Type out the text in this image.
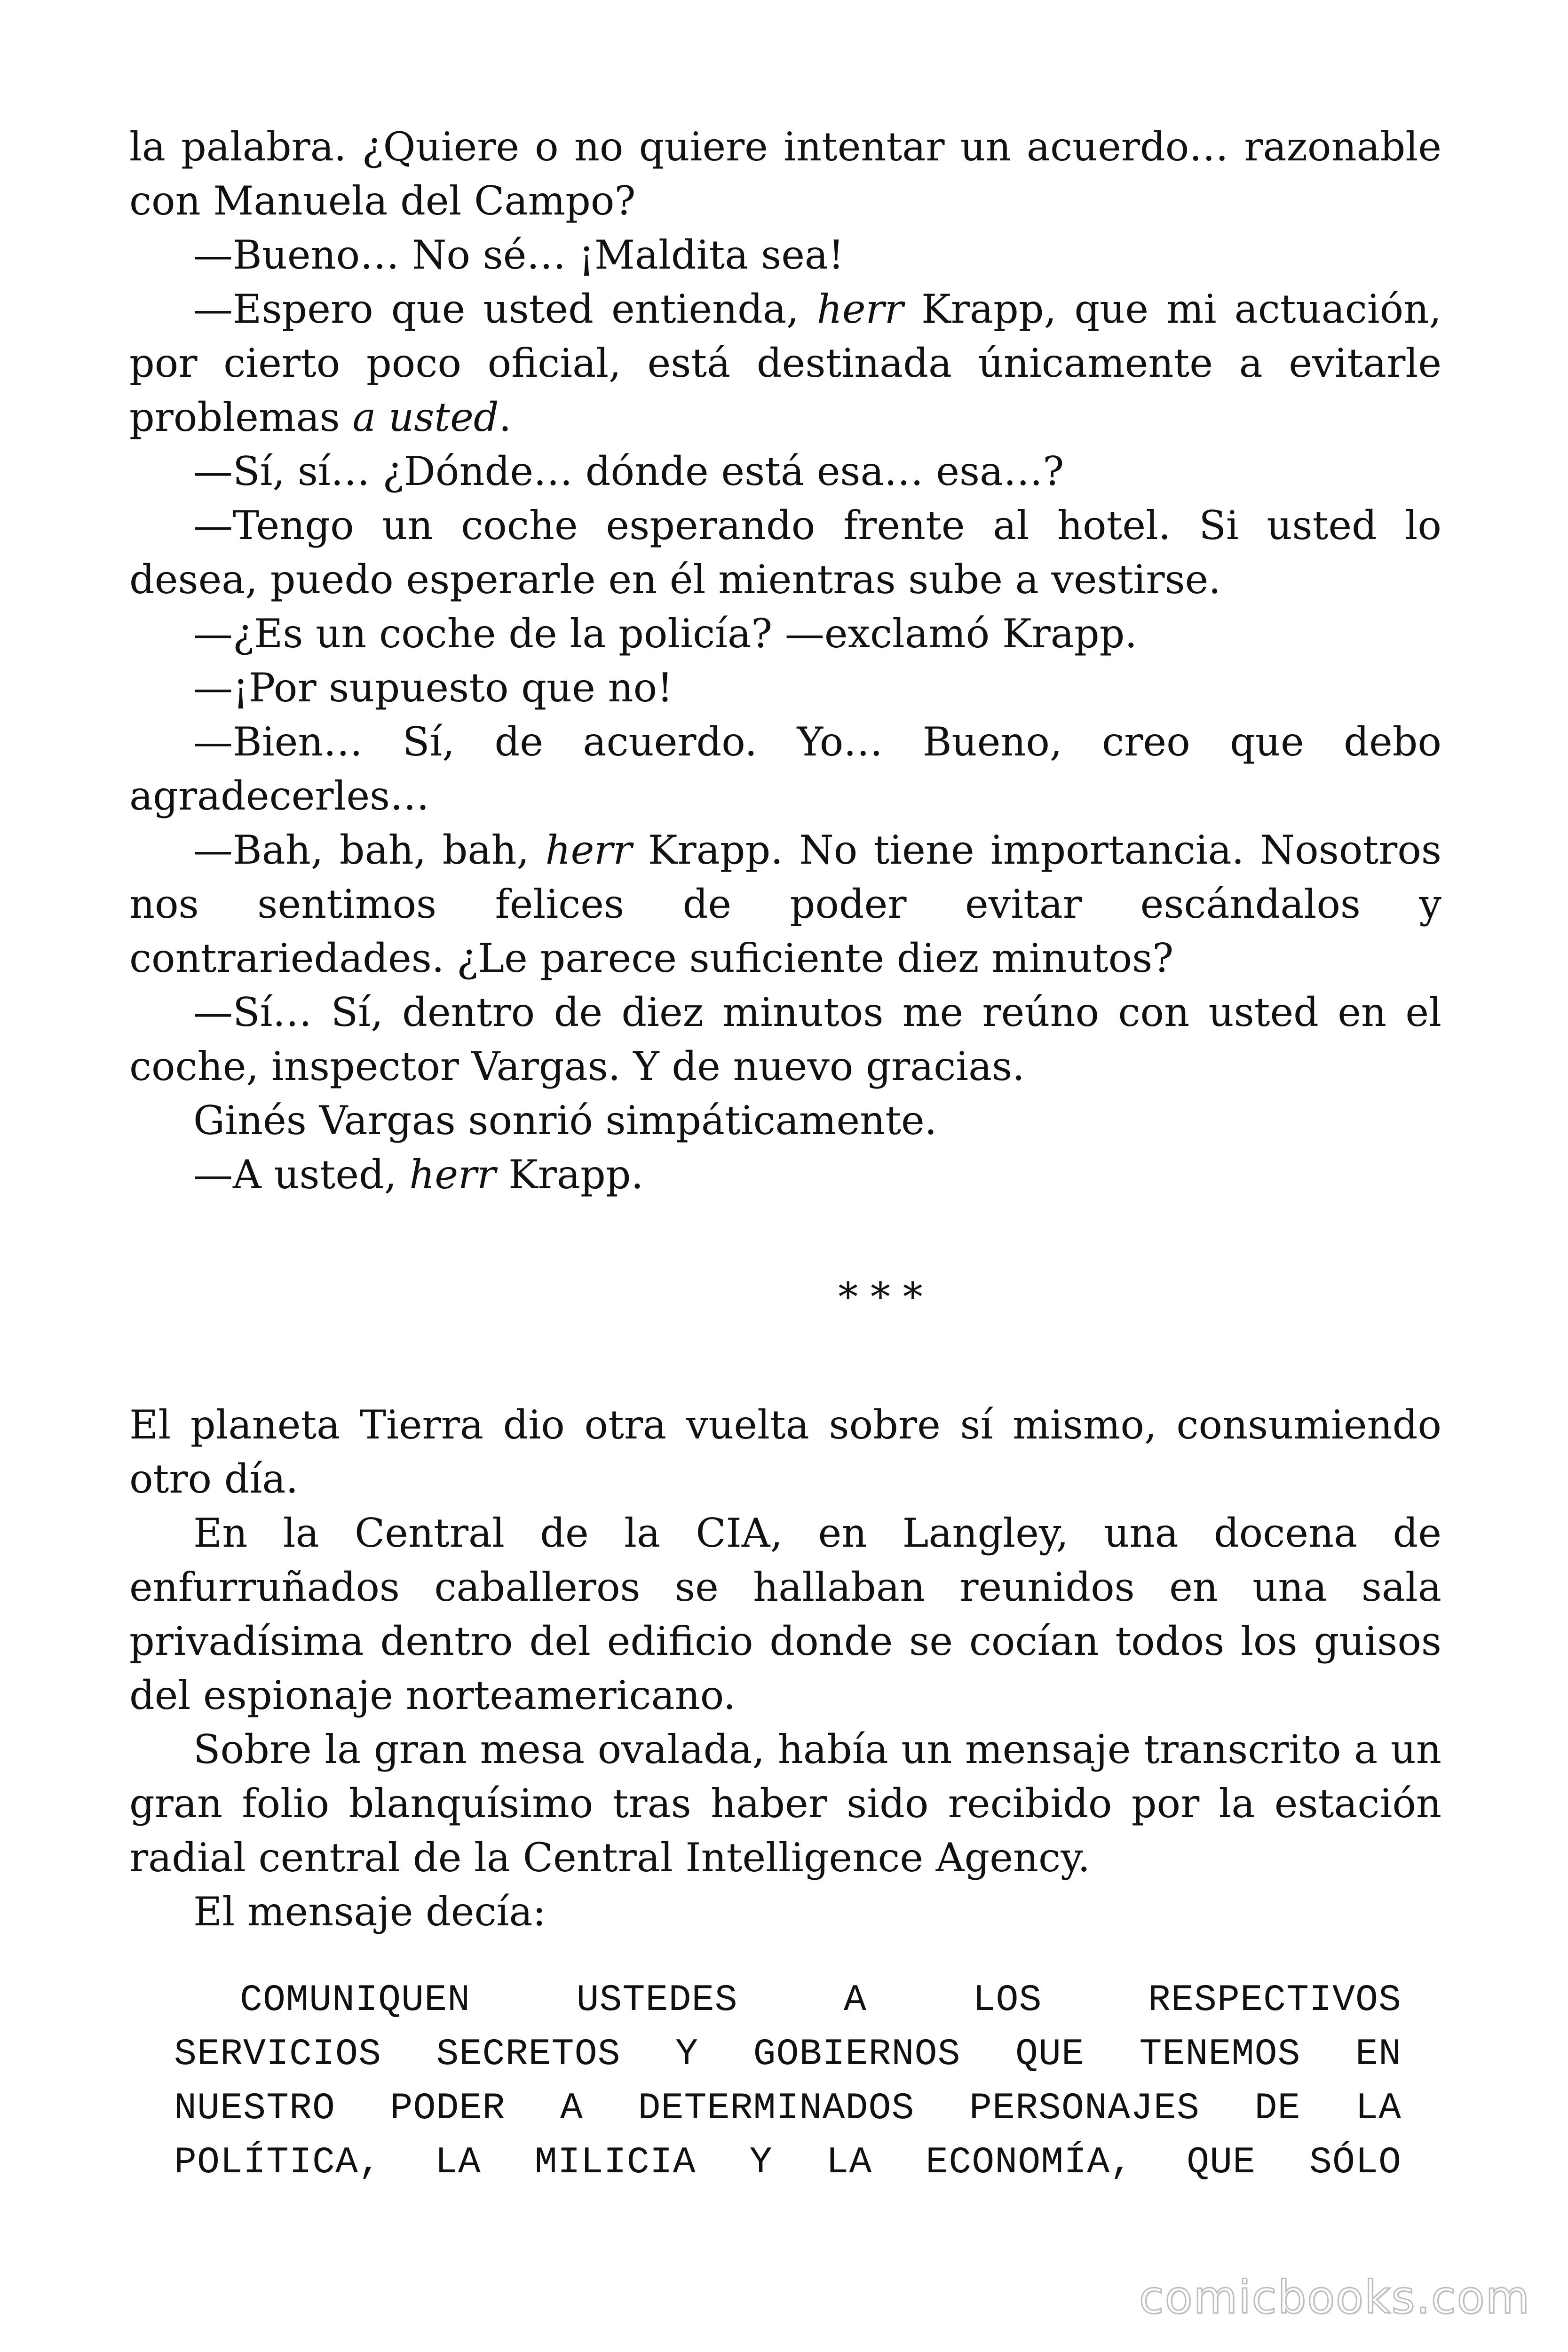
la palabra. ¿Quiere o no quiere intentar un acuerdo… razonable con Manuela del Campo?

—Bueno… No sé… ¡Maldita sea!

—Espero que usted entienda, herr Krapp, que mi actuación, por cierto poco oficial, está destinada únicamente a evitarle problemas a usted.

—Sí, sí… ¿Dónde… dónde está esa… esa…?

—Tengo un coche esperando frente al hotel. Si usted lo desea, puedo esperarle en él mientras sube a vestirse.

—¿Es un coche de la policía? —exclamó Krapp.

—¡Por supuesto que no!

—Bien… Sí, de acuerdo. Yo… Bueno, creo que debo agradecerles…

—Bah, bah, bah, herr Krapp. No tiene importancia. Nosotros nos sentimos felices de poder evitar escándalos y contrariedades. ¿Le parece suficiente diez minutos?

—Sí… Sí, dentro de diez minutos me reúno con usted en el coche, inspector Vargas. Y de nuevo gracias.

Ginés Vargas sonrió simpáticamente.

—A usted, herr Krapp.

* * *

El planeta Tierra dio otra vuelta sobre sí mismo, consumiendo otro día.

En la Central de la CIA, en Langley, una docena de enfurruñados caballeros se hallaban reunidos en una sala privadísima dentro del edificio donde se cocían todos los guisos del espionaje norteamericano.

Sobre la gran mesa ovalada, había un mensaje transcrito a un gran folio blanquísimo tras haber sido recibido por la estación radial central de la Central Intelligence Agency.

El mensaje decía:

COMUNIQUEN USTEDES A LOS RESPECTIVOS
SERVICIOS SECRETOS Y GOBIERNOS QUE TENEMOS EN
NUESTRO PODER A DETERMINADOS PERSONAJES DE LA
POLÍTICA, LA MILICIA Y LA ECONOMÍA, QUE SÓLO
comicbooks.com
